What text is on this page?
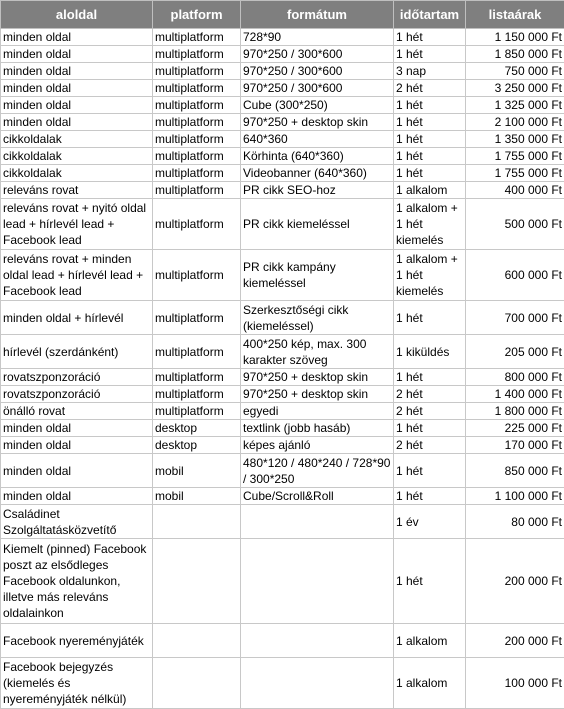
aloldal	platform	formátum	időtartam	listaárak
minden oldal	multiplatform	728*90	1 hét	1 150 000 Ft
minden oldal	multiplatform	970*250 / 300*600	1 hét	1 850 000 Ft
minden oldal	multiplatform	970*250 / 300*600	3 nap	750 000 Ft
minden oldal	multiplatform	970*250 / 300*600	2 hét	3 250 000 Ft
minden oldal	multiplatform	Cube (300*250)	1 hét	1 325 000 Ft
minden oldal	multiplatform	970*250 + desktop skin	1 hét	2 100 000 Ft
cikkoldalak	multiplatform	640*360	1 hét	1 350 000 Ft
cikkoldalak	multiplatform	Körhinta (640*360)	1 hét	1 755 000 Ft
cikkoldalak	multiplatform	Videobanner (640*360)	1 hét	1 755 000 Ft
releváns rovat	multiplatform	PR cikk SEO-hoz	1 alkalom	400 000 Ft
releváns rovat + nyitó oldal lead + hírlevél lead + Facebook lead	multiplatform	PR cikk kiemeléssel	1 alkalom + 1 hét kiemelés	500 000 Ft
releváns rovat + minden oldal lead + hírlevél lead + Facebook lead	multiplatform	PR cikk kampány kiemeléssel	1 alkalom + 1 hét kiemelés	600 000 Ft
minden oldal + hírlevél	multiplatform	Szerkesztőségi cikk (kiemeléssel)	1 hét	700 000 Ft
hírlevél (szerdánként)	multiplatform	400*250 kép, max. 300 karakter szöveg	1 kiküldés	205 000 Ft
rovatszponzoráció	multiplatform	970*250 + desktop skin	1 hét	800 000 Ft
rovatszponzoráció	multiplatform	970*250 + desktop skin	2 hét	1 400 000 Ft
önálló rovat	multiplatform	egyedi	2 hét	1 800 000 Ft
minden oldal	desktop	textlink (jobb hasáb)	1 hét	225 000 Ft
minden oldal	desktop	képes ajánló	2 hét	170 000 Ft
minden oldal	mobil	480*120 / 480*240 / 728*90 / 300*250	1 hét	850 000 Ft
minden oldal	mobil	Cube/Scroll&Roll	1 hét	1 100 000 Ft
Családinet Szolgáltatásközvetítő			1 év	80 000 Ft
Kiemelt (pinned) Facebook poszt az elsődleges Facebook oldalunkon, illetve más releváns oldalainkon			1 hét	200 000 Ft
Facebook nyereményjáték			1 alkalom	200 000 Ft
Facebook bejegyzés (kiemelés és nyereményjáték nélkül)			1 alkalom	100 000 Ft
